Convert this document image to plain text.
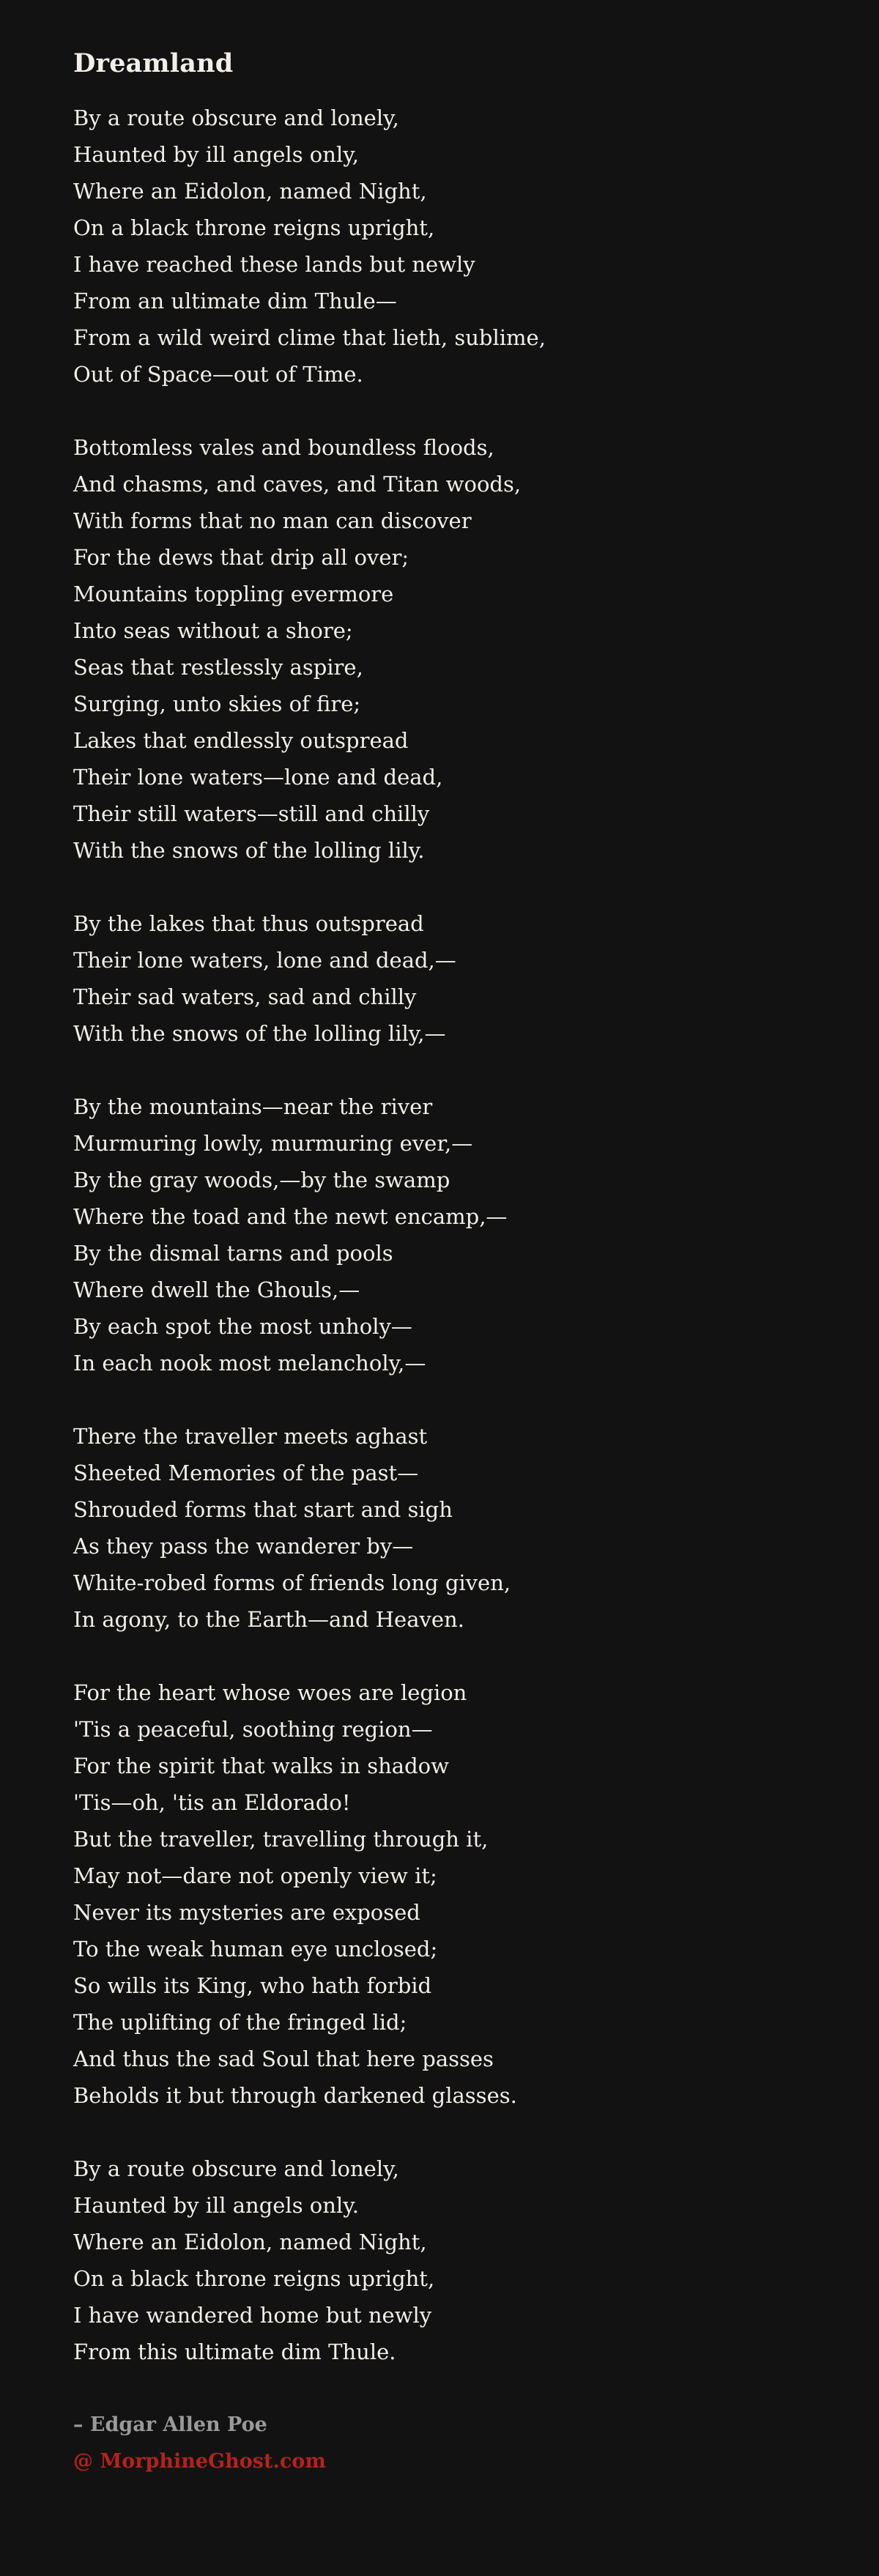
Dreamland
By a route obscure and lonely,
Haunted by ill angels only,
Where an Eidolon, named Night,
On a black throne reigns upright,
I have reached these lands but newly
From an ultimate dim Thule—
From a wild weird clime that lieth, sublime,
Out of Space—out of Time.
Bottomless vales and boundless floods,
And chasms, and caves, and Titan woods,
With forms that no man can discover
For the dews that drip all over;
Mountains toppling evermore
Into seas without a shore;
Seas that restlessly aspire,
Surging, unto skies of fire;
Lakes that endlessly outspread
Their lone waters—lone and dead,
Their still waters—still and chilly
With the snows of the lolling lily.
By the lakes that thus outspread
Their lone waters, lone and dead,—
Their sad waters, sad and chilly
With the snows of the lolling lily,—
By the mountains—near the river
Murmuring lowly, murmuring ever,—
By the gray woods,—by the swamp
Where the toad and the newt encamp,—
By the dismal tarns and pools
Where dwell the Ghouls,—
By each spot the most unholy—
In each nook most melancholy,—
There the traveller meets aghast
Sheeted Memories of the past—
Shrouded forms that start and sigh
As they pass the wanderer by—
White-robed forms of friends long given,
In agony, to the Earth—and Heaven.
For the heart whose woes are legion
'Tis a peaceful, soothing region—
For the spirit that walks in shadow
'Tis—oh, 'tis an Eldorado!
But the traveller, travelling through it,
May not—dare not openly view it;
Never its mysteries are exposed
To the weak human eye unclosed;
So wills its King, who hath forbid
The uplifting of the fringed lid;
And thus the sad Soul that here passes
Beholds it but through darkened glasses.
By a route obscure and lonely,
Haunted by ill angels only.
Where an Eidolon, named Night,
On a black throne reigns upright,
I have wandered home but newly
From this ultimate dim Thule.
– Edgar Allen Poe
@ MorphineGhost.com
